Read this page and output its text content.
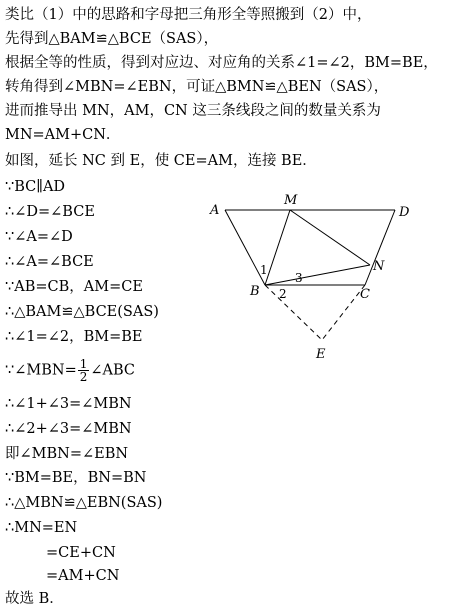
类比（1）中的思路和字母把三角形全等照搬到（2）中，
先得到△BAM≌△BCE（SAS），
根据全等的性质，得到对应边、对应角的关系∠1=∠2，BM=BE，
转角得到∠MBN=∠EBN，可证△BMN≌△BEN（SAS），
进而推导出 MN，AM，CN 这三条线段之间的数量关系为
MN=AM+CN．
如图，延长 NC 到 E，使 CE=AM，连接 BE．
∵BC∥AD
∴∠D=∠BCE
∵∠A=∠D
∴∠A=∠BCE
∵AB=CB，AM=CE
∴△BAM≌△BCE(SAS)
∴∠1=∠2，BM=BE
∵∠MBN= $\frac{1}{2}$ ∠ABC
∴∠1+∠3=∠MBN
∴∠2+∠3=∠MBN
即∠MBN=∠EBN
∵BM=BE，BN=BN
∴△MBN≌△EBN(SAS)
∴MN=EN
=CE+CN
=AM+CN
故选 B．
A
M
D
N
B	C
E
1
2
3
